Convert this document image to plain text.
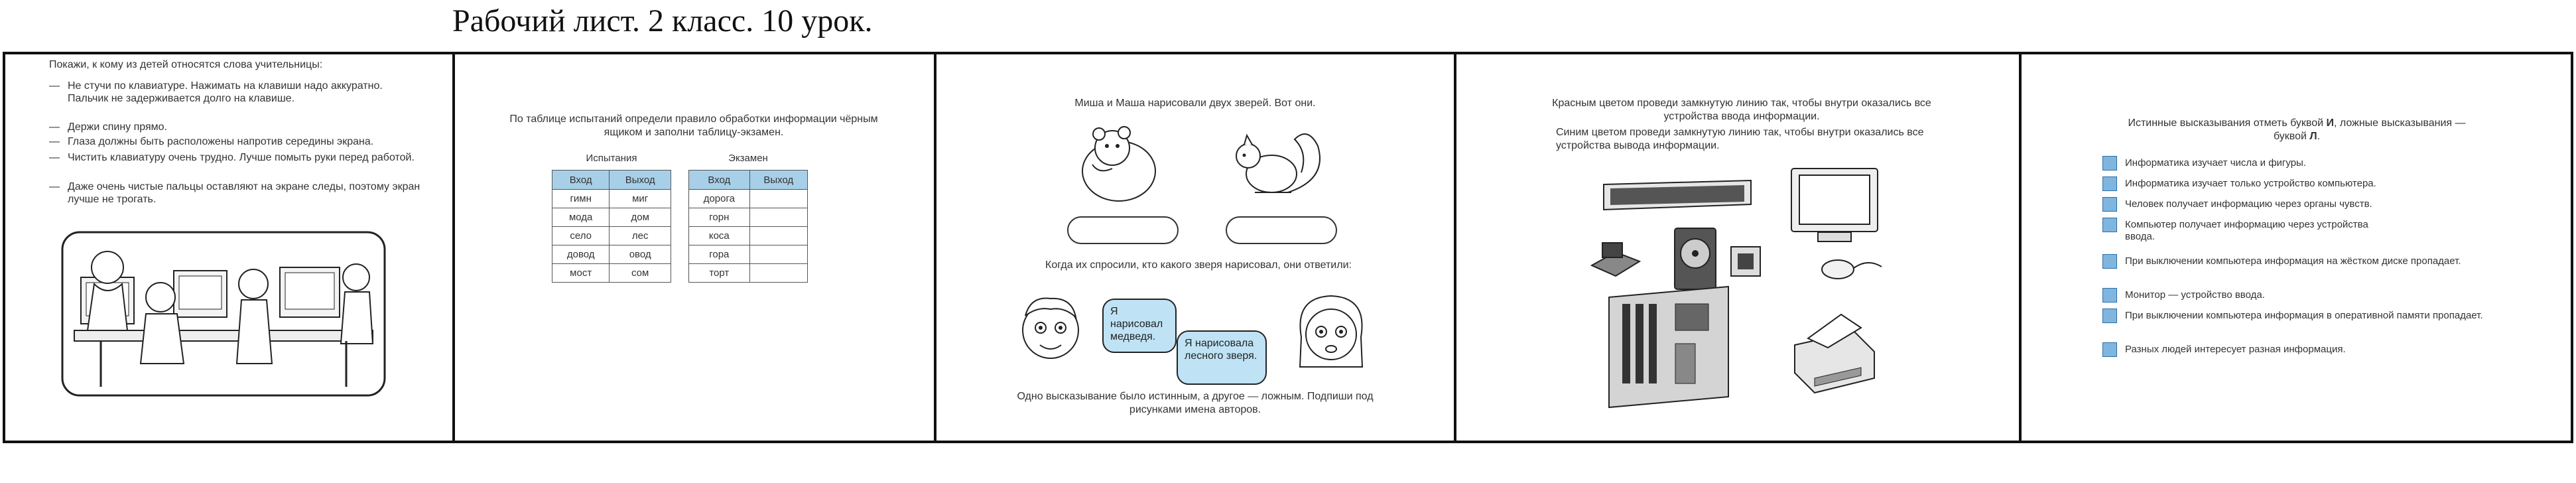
Рабочий лист. 2 класс. 10 урок.
Покажи, к кому из детей относятся слова учительницы:
— Не стучи по клавиатуре. Нажимать на клавиши надо аккуратно. Пальчик не задерживается долго на клавише.
— Держи спину прямо.
— Глаза должны быть расположены напротив середины экрана.
— Чистить клавиатуру очень трудно. Лучше помыть руки перед работой.
— Даже очень чистые пальцы оставляют на экране следы, поэтому экран лучше не трогать.
По таблице испытаний определи правило обработки информации чёрным ящиком и заполни таблицу-экзамен.
Испытания	Экзамен
Вход	Выход
гимн	миг
мода	дом
село	лес
довод	овод
мост	сом
Вход	Выход
дорога	
горн	
коса	
гора	
торт	
Миша и Маша нарисовали двух зверей. Вот они.
Когда их спросили, кто какого зверя нарисовал, они ответили:
Я нарисовал медведя.
Я нарисовала лесного зверя.
Одно высказывание было истинным, а другое — ложным. Подпиши под рисунками имена авторов.
Красным цветом проведи замкнутую линию так, чтобы внутри оказались все устройства ввода информации.
Синим цветом проведи замкнутую линию так, чтобы внутри оказались все устройства вывода информации.
Истинные высказывания отметь буквой И, ложные высказывания — буквой Л.
Информатика изучает числа и фигуры.
Информатика изучает только устройство компьютера.
Человек получает информацию через органы чувств.
Компьютер получает информацию через устройства ввода.
При выключении компьютера информация на жёстком диске пропадает.
Монитор — устройство ввода.
При выключении компьютера информация в оперативной памяти пропадает.
Разных людей интересует разная информация.
